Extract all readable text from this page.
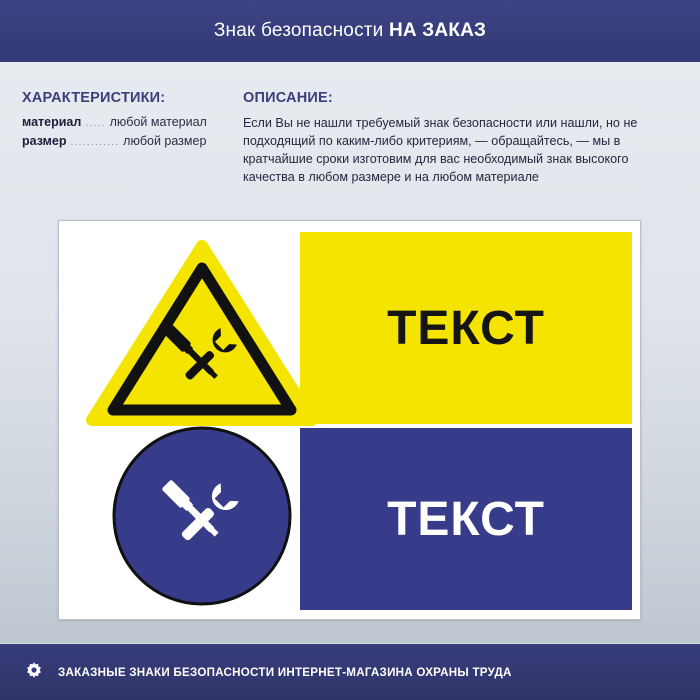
Знак безопасности НА ЗАКАЗ
ХАРАКТЕРИСТИКИ:
материал ..... любой материал
размер ............ любой размер
ОПИСАНИЕ:
Если Вы не нашли требуемый знак безопасности или нашли, но не подходящий по каким-либо критериям, — обращайтесь, — мы в кратчайшие сроки изготовим для вас необходимый знак высокого качества в любом размере и на любом материале
ТЕКСТ
ТЕКСТ
ЗАКАЗНЫЕ ЗНАКИ БЕЗОПАСНОСТИ ИНТЕРНЕТ-МАГАЗИНА ОХРАНЫ ТРУДА
